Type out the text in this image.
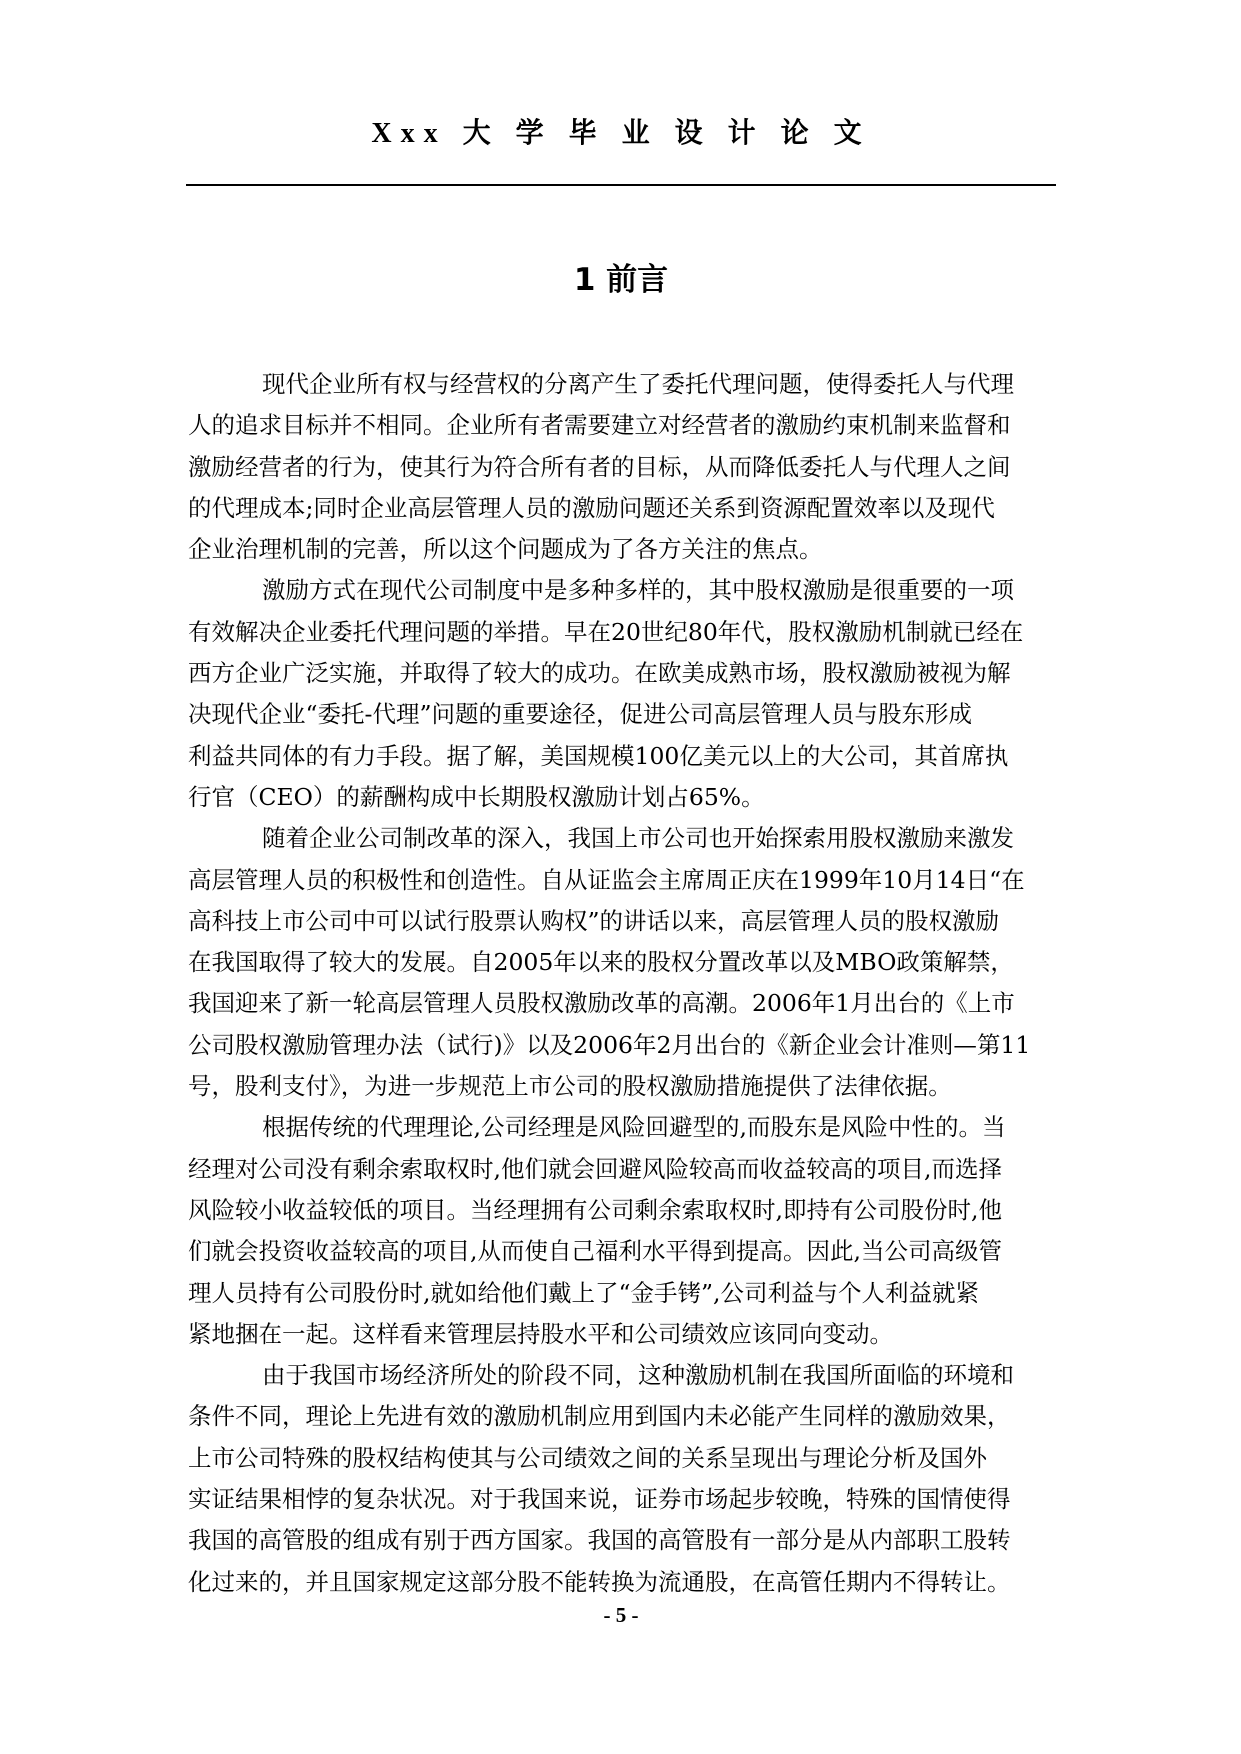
Xxx 大 学 毕 业 设 计 论 文
1 前言
现代企业所有权与经营权的分离产生了委托代理问题，使得委托人与代理
人的追求目标并不相同。企业所有者需要建立对经营者的激励约束机制来监督和
激励经营者的行为，使其行为符合所有者的目标，从而降低委托人与代理人之间
的代理成本;同时企业高层管理人员的激励问题还关系到资源配置效率以及现代
企业治理机制的完善，所以这个问题成为了各方关注的焦点。
激励方式在现代公司制度中是多种多样的，其中股权激励是很重要的一项
有效解决企业委托代理问题的举措。早在20世纪80年代，股权激励机制就已经在
西方企业广泛实施，并取得了较大的成功。在欧美成熟市场，股权激励被视为解
决现代企业“委托-代理”问题的重要途径，促进公司高层管理人员与股东形成
利益共同体的有力手段。据了解，美国规模100亿美元以上的大公司，其首席执
行官（CEO）的薪酬构成中长期股权激励计划占65%。
随着企业公司制改革的深入，我国上市公司也开始探索用股权激励来激发
高层管理人员的积极性和创造性。自从证监会主席周正庆在1999年10月14日“在
高科技上市公司中可以试行股票认购权”的讲话以来，高层管理人员的股权激励
在我国取得了较大的发展。自2005年以来的股权分置改革以及MBO政策解禁，
我国迎来了新一轮高层管理人员股权激励改革的高潮。2006年1月出台的《上市
公司股权激励管理办法（试行)》以及2006年2月出台的《新企业会计准则—第11
号，股利支付》，为进一步规范上市公司的股权激励措施提供了法律依据。
根据传统的代理理论,公司经理是风险回避型的,而股东是风险中性的。当
经理对公司没有剩余索取权时,他们就会回避风险较高而收益较高的项目,而选择
风险较小收益较低的项目。当经理拥有公司剩余索取权时,即持有公司股份时,他
们就会投资收益较高的项目,从而使自己福利水平得到提高。因此,当公司高级管
理人员持有公司股份时,就如给他们戴上了“金手铐”,公司利益与个人利益就紧
紧地捆在一起。这样看来管理层持股水平和公司绩效应该同向变动。
由于我国市场经济所处的阶段不同，这种激励机制在我国所面临的环境和
条件不同，理论上先进有效的激励机制应用到国内未必能产生同样的激励效果，
上市公司特殊的股权结构使其与公司绩效之间的关系呈现出与理论分析及国外
实证结果相悖的复杂状况。对于我国来说，证券市场起步较晚，特殊的国情使得
我国的高管股的组成有别于西方国家。我国的高管股有一部分是从内部职工股转
化过来的，并且国家规定这部分股不能转换为流通股，在高管任期内不得转让。
- 5 -
